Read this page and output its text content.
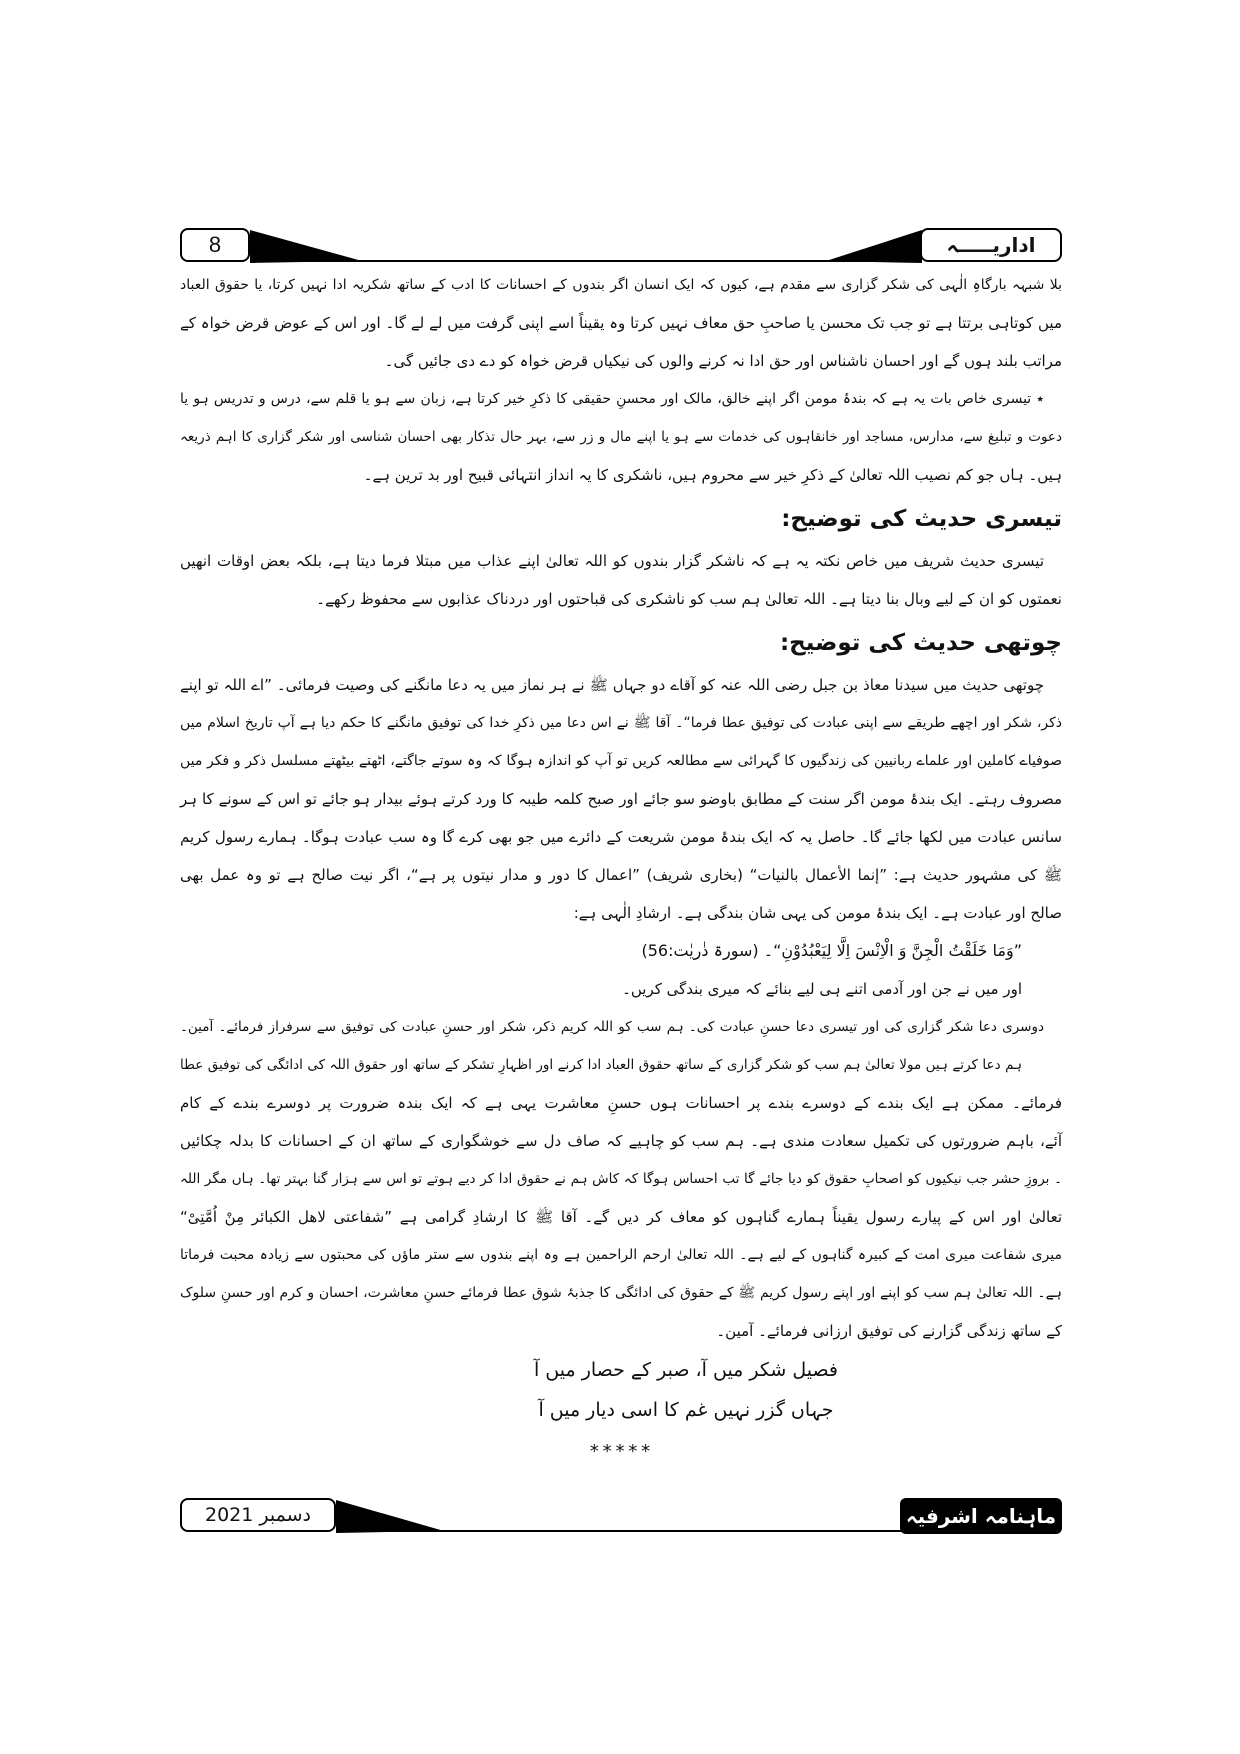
8	اداریـــــہ
بلا شبہہ بارگاہِ الٰہی کی شکر گزاری سے مقدم ہے، کیوں کہ ایک انسان اگر بندوں کے احسانات کا ادب کے ساتھ شکریہ ادا نہیں کرتا، یا حقوق العباد
میں کوتاہی برتتا ہے تو جب تک محسن یا صاحبِ حق معاف نہیں کرتا وہ یقیناً اسے اپنی گرفت میں لے لے گا۔ اور اس کے عوض قرض خواہ کے
مراتب بلند ہوں گے اور احسان ناشناس اور حق ادا نہ کرنے والوں کی نیکیاں قرض خواہ کو دے دی جائیں گی۔
٭ تیسری خاص بات یہ ہے کہ بندۂ مومن اگر اپنے خالق، مالک اور محسنِ حقیقی کا ذکرِ خیر کرتا ہے، زبان سے ہو یا قلم سے، درس و تدریس ہو یا
دعوت و تبلیغ سے، مدارس، مساجد اور خانقاہوں کی خدمات سے ہو یا اپنے مال و زر سے، بہر حال تذکار بھی احسان شناسی اور شکر گزاری کا اہم ذریعہ
ہیں۔ ہاں جو کم نصیب اللہ تعالیٰ کے ذکرِ خیر سے محروم ہیں، ناشکری کا یہ انداز انتہائی قبیح اور بد ترین ہے۔
تیسری حدیث کی توضیح:
تیسری حدیث شریف میں خاص نکتہ یہ ہے کہ ناشکر گزار بندوں کو اللہ تعالیٰ اپنے عذاب میں مبتلا فرما دیتا ہے، بلکہ بعض اوقات انھیں
نعمتوں کو ان کے لیے وبال بنا دیتا ہے۔ اللہ تعالیٰ ہم سب کو ناشکری کی قباحتوں اور دردناک عذابوں سے محفوظ رکھے۔
چوتھی حدیث کی توضیح:
چوتھی حدیث میں سیدنا معاذ بن جبل رضی اللہ عنہ کو آقاے دو جہاں ﷺ نے ہر نماز میں یہ دعا مانگنے کی وصیت فرمائی۔ ”اے اللہ تو اپنے
ذکر، شکر اور اچھے طریقے سے اپنی عبادت کی توفیق عطا فرما“۔ آقا ﷺ نے اس دعا میں ذکرِ خدا کی توفیق مانگنے کا حکم دیا ہے آپ تاریخ اسلام میں
صوفیاے کاملین اور علماے ربانیین کی زندگیوں کا گہرائی سے مطالعہ کریں تو آپ کو اندازہ ہوگا کہ وہ سوتے جاگتے، اٹھتے بیٹھتے مسلسل ذکر و فکر میں
مصروف رہتے۔ ایک بندۂ مومن اگر سنت کے مطابق باوضو سو جائے اور صبح کلمہ طیبہ کا ورد کرتے ہوئے بیدار ہو جائے تو اس کے سونے کا ہر
سانس عبادت میں لکھا جائے گا۔ حاصل یہ کہ ایک بندۂ مومن شریعت کے دائرے میں جو بھی کرے گا وہ سب عبادت ہوگا۔ ہمارے رسول کریم
ﷺ کی مشہور حدیث ہے: ”إنما الأعمال بالنيات“ (بخاری شریف) ”اعمال کا دور و مدار نیتوں پر ہے“، اگر نیت صالح ہے تو وہ عمل بھی
صالح اور عبادت ہے۔ ایک بندۂ مومن کی یہی شان بندگی ہے۔ ارشادِ الٰہی ہے:
”وَمَا خَلَقْتُ الْجِنَّ وَ الْاِنْسَ اِلَّا لِیَعْبُدُوْنِ“۔ (سورۃ ذٰریٰت:56)
اور میں نے جن اور آدمی اتنے ہی لیے بنائے کہ میری بندگی کریں۔
دوسری دعا شکر گزاری کی اور تیسری دعا حسنِ عبادت کی۔ ہم سب کو اللہ کریم ذکر، شکر اور حسنِ عبادت کی توفیق سے سرفراز فرمائے۔ آمین۔
ہم دعا کرتے ہیں مولا تعالیٰ ہم سب کو شکر گزاری کے ساتھ حقوق العباد ادا کرنے اور اظہارِ تشکر کے ساتھ اور حقوق اللہ کی ادائگی کی توفیق عطا
فرمائے۔ ممکن ہے ایک بندے کے دوسرے بندے پر احسانات ہوں حسنِ معاشرت یہی ہے کہ ایک بندہ ضرورت پر دوسرے بندے کے کام
آئے، باہم ضرورتوں کی تکمیل سعادت مندی ہے۔ ہم سب کو چاہیے کہ صاف دل سے خوشگواری کے ساتھ ان کے احسانات کا بدلہ چکائیں
۔ بروزِ حشر جب نیکیوں کو اصحابِ حقوق کو دیا جائے گا تب احساس ہوگا کہ کاش ہم نے حقوق ادا کر دیے ہوتے تو اس سے ہزار گنا بہتر تھا۔ ہاں مگر اللہ
تعالیٰ اور اس کے پیارے رسول یقیناً ہمارے گناہوں کو معاف کر دیں گے۔ آقا ﷺ کا ارشادِ گرامی ہے ”شفاعتی لاھل الکبائر مِنْ اُمَّتِیْ“
میری شفاعت میری امت کے کبیرہ گناہوں کے لیے ہے۔ اللہ تعالیٰ ارحم الراحمین ہے وہ اپنے بندوں سے ستر ماؤں کی محبتوں سے زیادہ محبت فرماتا
ہے۔ اللہ تعالیٰ ہم سب کو اپنے اور اپنے رسول کریم ﷺ کے حقوق کی ادائگی کا جذبۂ شوق عطا فرمائے حسنِ معاشرت، احسان و کرم اور حسنِ سلوک
کے ساتھ زندگی گزارنے کی توفیق ارزانی فرمائے۔ آمین۔
فصیل شکر میں آ، صبر کے حصار میں آ
جہاں گزر نہیں غم کا اسی دیار میں آ
*****
دسمبر 2021	ماہنامہ اشرفیہ
